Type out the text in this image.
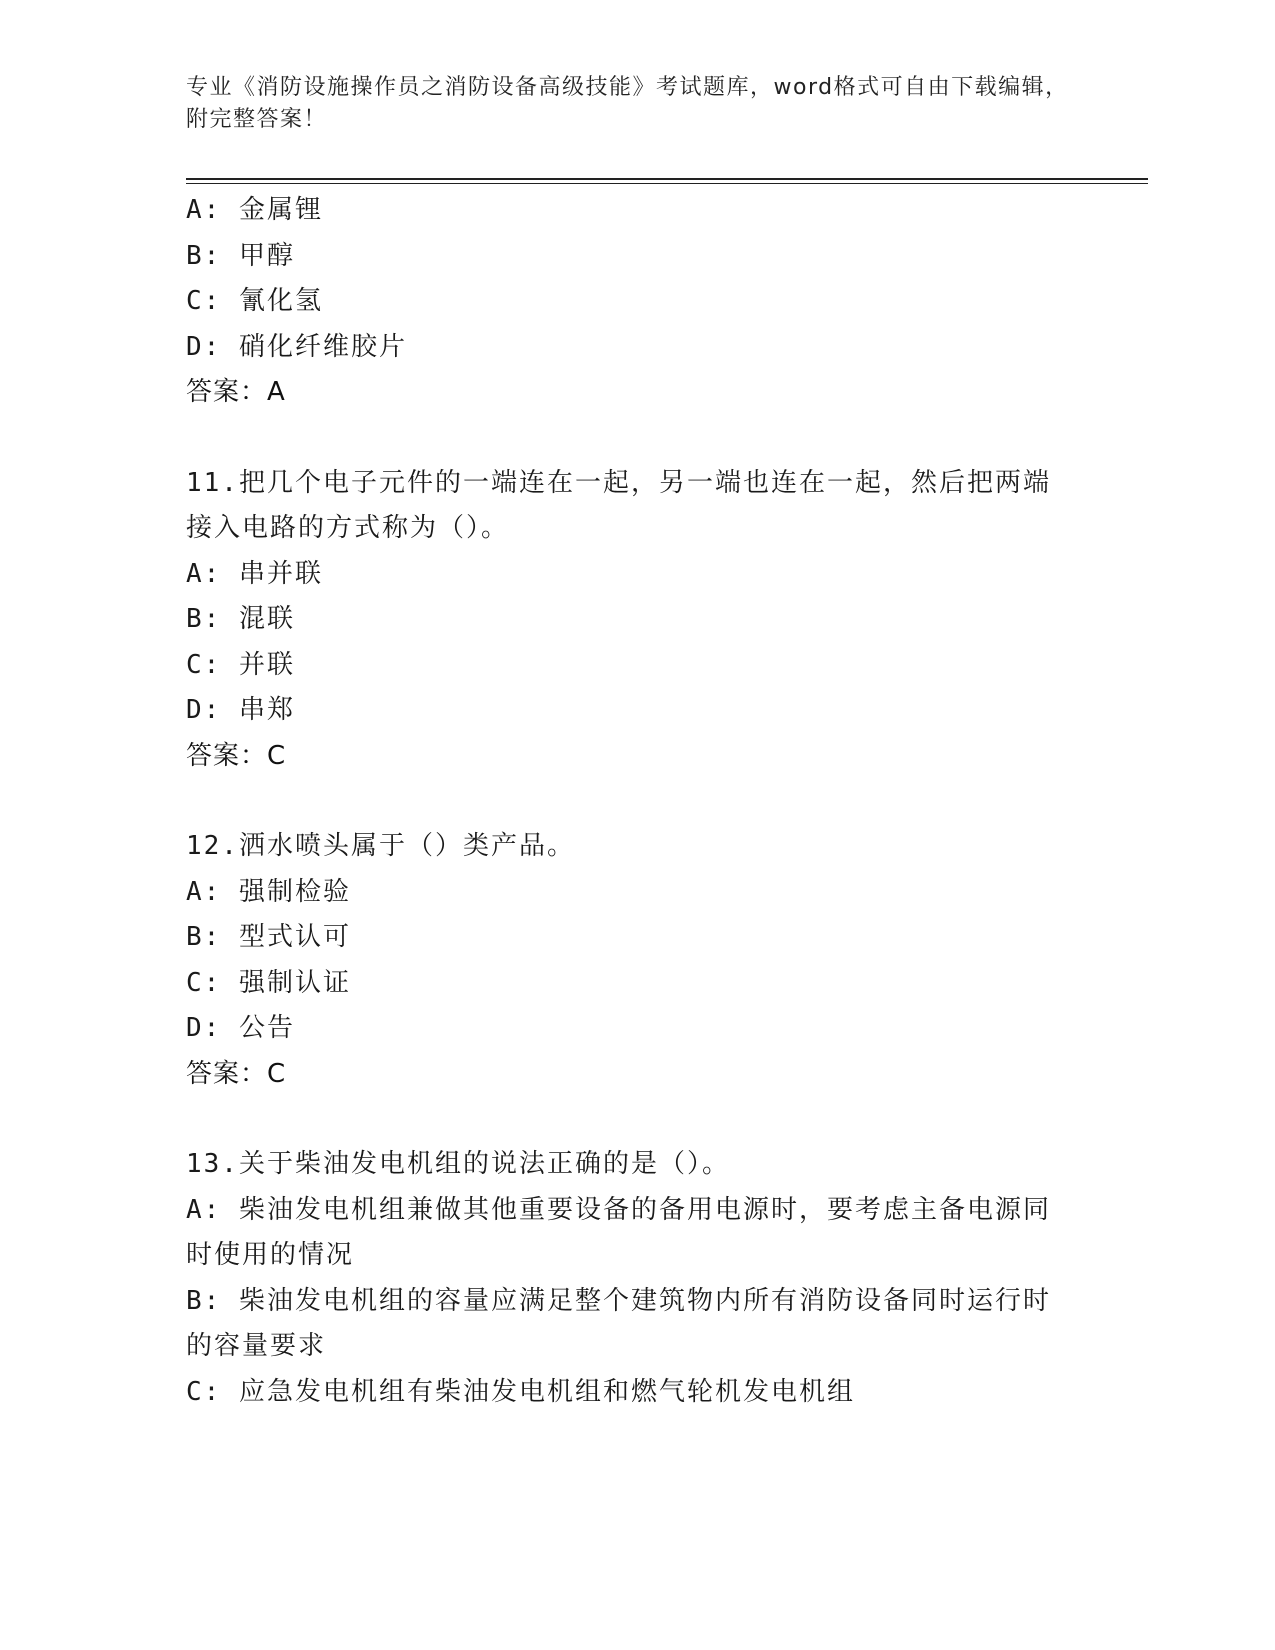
专业《消防设施操作员之消防设备高级技能》考试题库，word格式可自由下载编辑，附完整答案！
A: 金属锂
B: 甲醇
C: 氰化氢
D: 硝化纤维胶片
答案：A
11.把几个电子元件的一端连在一起，另一端也连在一起，然后把两端接入电路的方式称为（）。
A: 串并联
B: 混联
C: 并联
D: 串郑
答案：C
12.洒水喷头属于（）类产品。
A: 强制检验
B: 型式认可
C: 强制认证
D: 公告
答案：C
13.关于柴油发电机组的说法正确的是（）。
A: 柴油发电机组兼做其他重要设备的备用电源时，要考虑主备电源同时使用的情况
B: 柴油发电机组的容量应满足整个建筑物内所有消防设备同时运行时的容量要求
C: 应急发电机组有柴油发电机组和燃气轮机发电机组
